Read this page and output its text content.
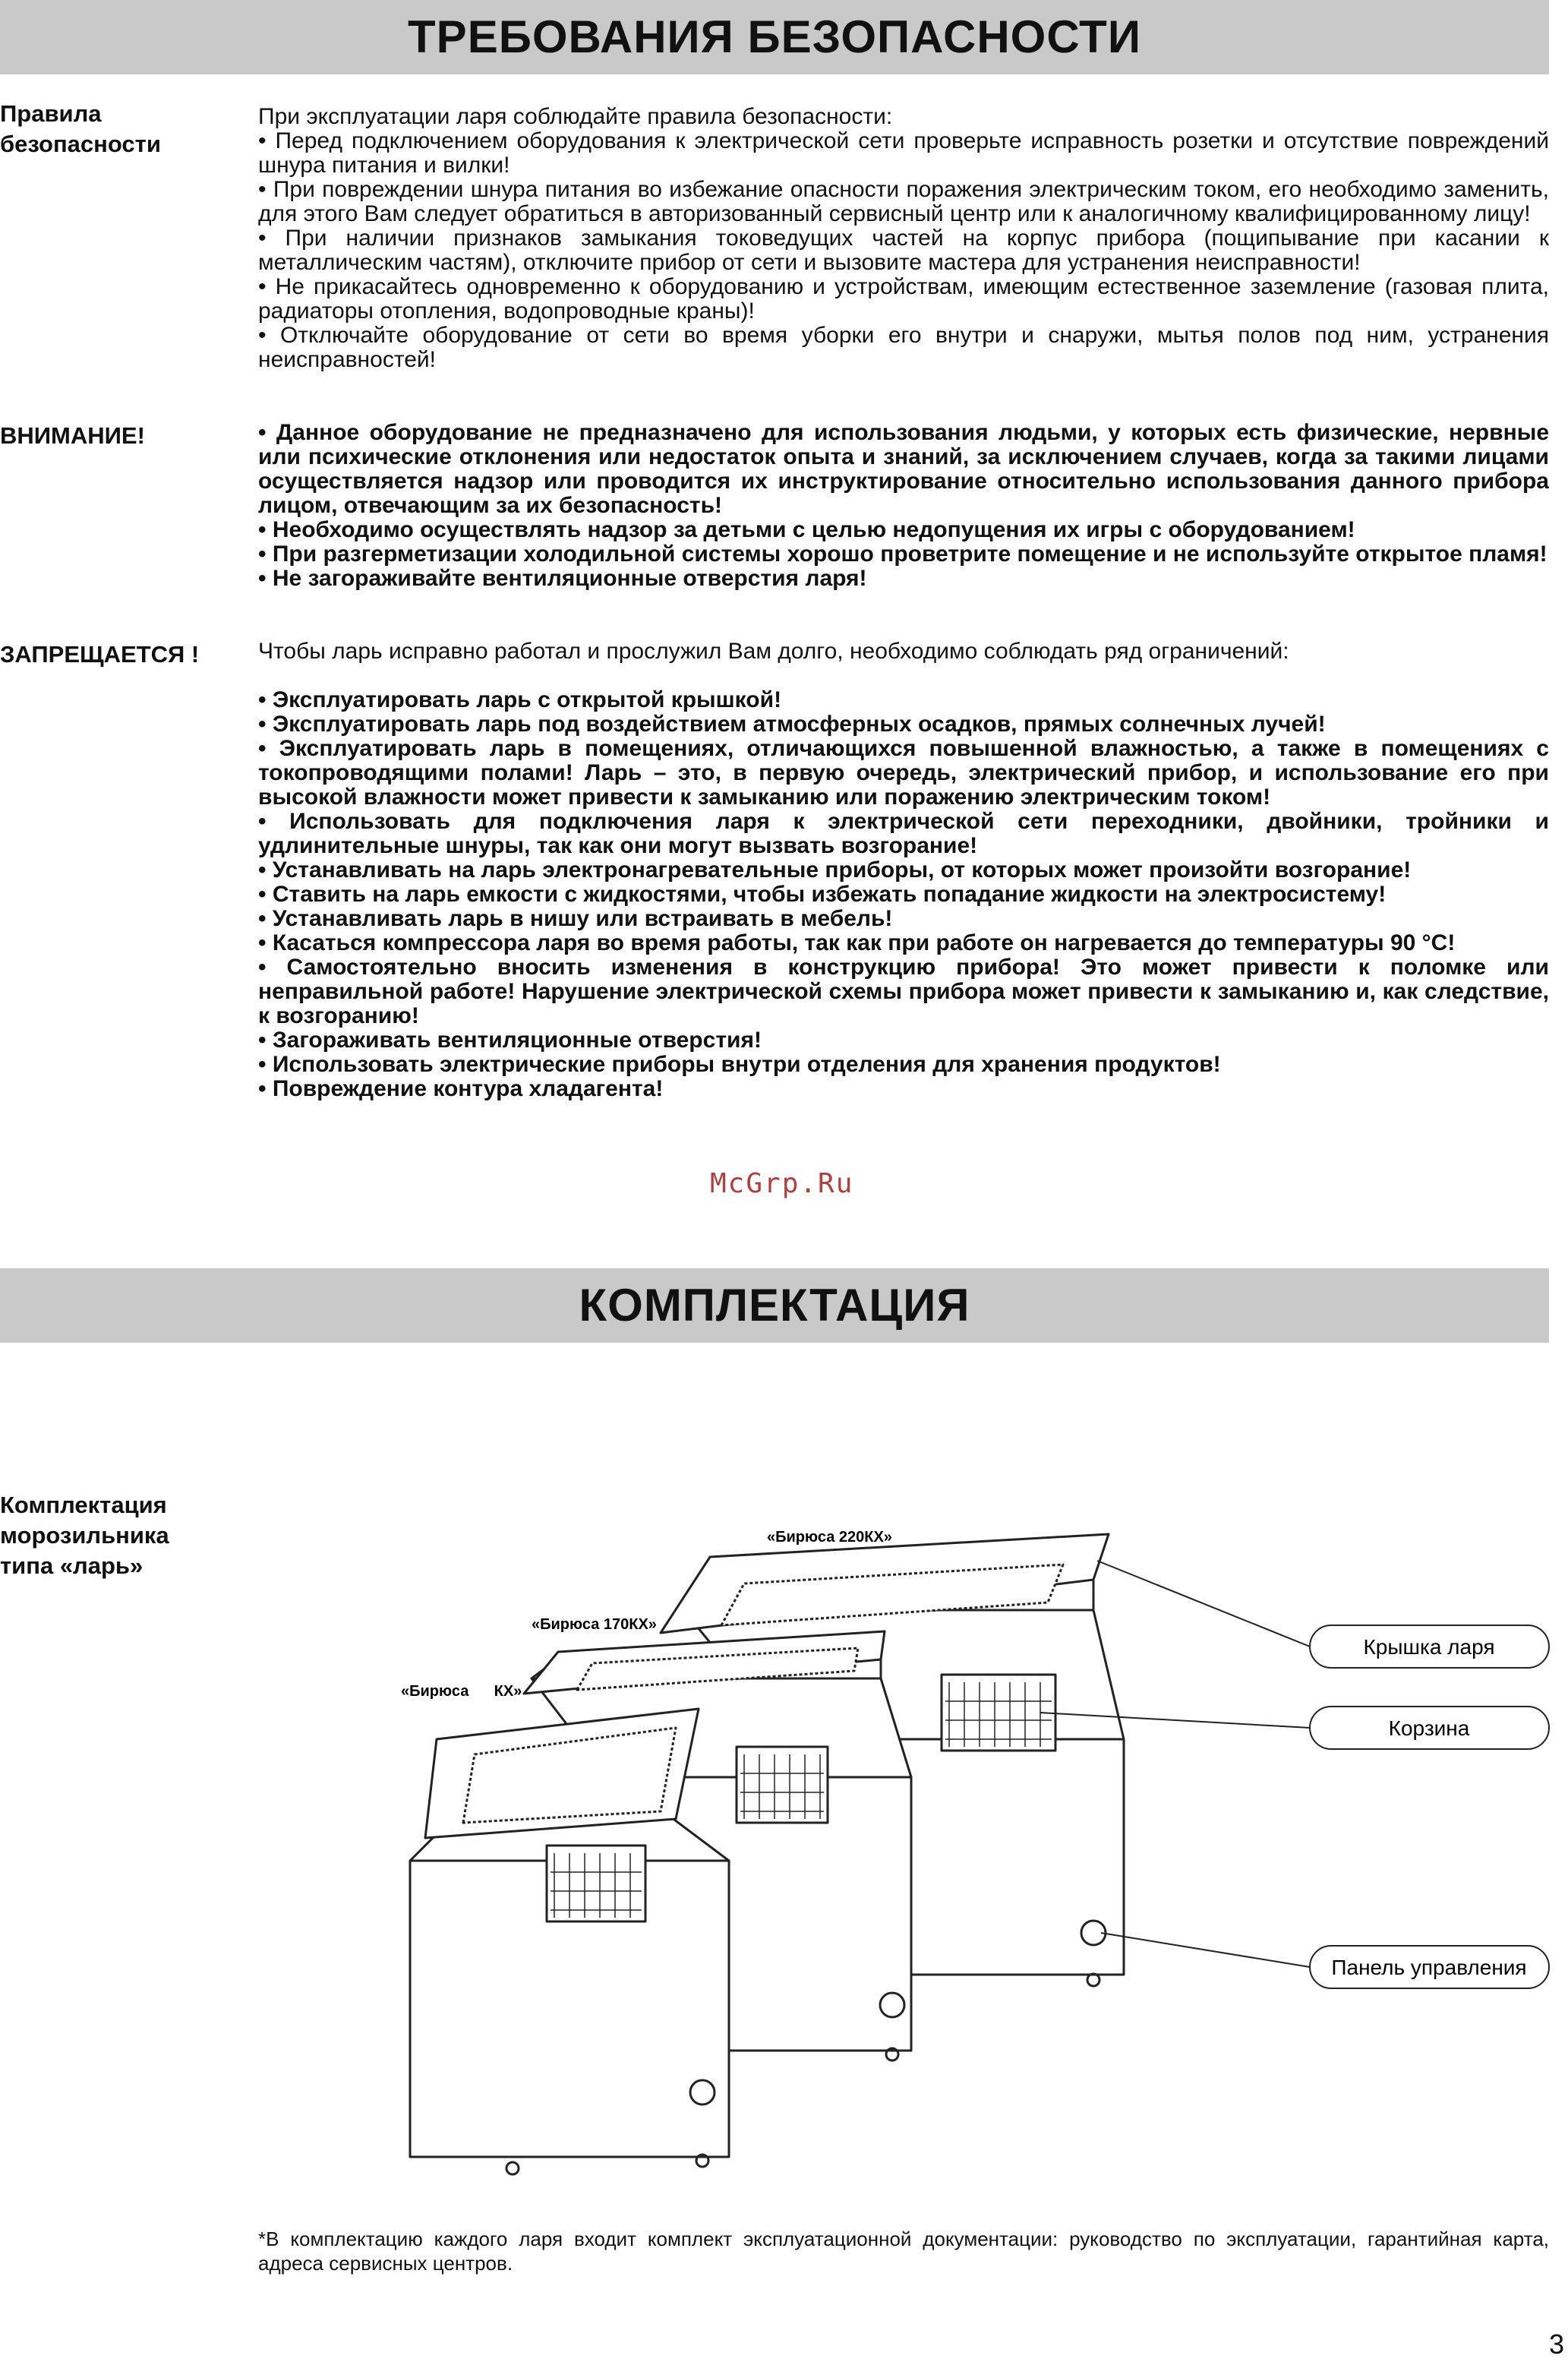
ТРЕБОВАНИЯ БЕЗОПАСНОСТИ
Правила безопасности

При эксплуатации ларя соблюдайте правила безопасности:

• Перед подключением оборудования к электрической сети проверьте исправность розетки и отсутствие повреждений шнура питания и вилки!

• При повреждении шнура питания во избежание опасности поражения электрическим током, его необходимо заменить, для этого Вам следует обратиться в авторизованный сервисный центр или к аналогичному квалифицированному лицу!

• При наличии признаков замыкания токоведущих частей на корпус прибора (пощипывание при касании к металлическим частям), отключите прибор от сети и вызовите мастера для устранения неисправности!

• Не прикасайтесь одновременно к оборудованию и устройствам, имеющим естественное заземление (газовая плита, радиаторы отопления, водопроводные краны)!

• Отключайте оборудование от сети во время уборки его внутри и снаружи, мытья полов под ним, устранения неисправностей!

ВНИМАНИЕ!	• Данное оборудование не предназначено для использования людьми, у которых есть физические, нервные или психические отклонения или недостаток опыта и знаний, за исключением случаев, когда за такими лицами осуществляется надзор или проводится их инструктирование относительно использования данного прибора лицом, отвечающим за их безопасность!

• Необходимо осуществлять надзор за детьми с целью недопущения их игры с оборудованием!

• При разгерметизации холодильной системы хорошо проветрите помещение и не используйте открытое пламя!

• Не загораживайте вентиляционные отверстия ларя!

ЗАПРЕЩАЕТСЯ !	Чтобы ларь исправно работал и прослужил Вам долго, необходимо соблюдать ряд ограничений:

• Эксплуатировать ларь с открытой крышкой!

• Эксплуатировать ларь под воздействием атмосферных осадков, прямых солнечных лучей!

• Эксплуатировать ларь в помещениях, отличающихся повышенной влажностью, а также в помещениях с токопроводящими полами! Ларь – это, в первую очередь, электрический прибор, и использование его при высокой влажности может привести к замыканию или поражению электрическим током!

• Использовать для подключения ларя к электрической сети переходники, двойники, тройники и удлинительные шнуры, так как они могут вызвать возгорание!

• Устанавливать на ларь электронагревательные приборы, от которых может произойти возгорание!

• Ставить на ларь емкости с жидкостями, чтобы избежать попадание жидкости на электросистему!

• Устанавливать ларь в нишу или встраивать в мебель!

• Касаться компрессора ларя во время работы, так как при работе он нагревается до температуры 90 °С!

• Самостоятельно вносить изменения в конструкцию прибора! Это может привести к поломке или неправильной работе! Нарушение электрической схемы прибора может привести к замыканию и, как следствие, к возгоранию!

• Загораживать вентиляционные отверстия!

• Использовать электрические приборы внутри отделения для хранения продуктов!

• Повреждение контура хладагента!

McGrp.Ru
КОМПЛЕКТАЦИЯ
Комплектация морозильника типа «ларь»
«Бирюса 220КХ»
«Бирюса 170КХ»
«Бирюса      КХ»
Крышка ларя
Корзина
Панель управления
*В комплектацию каждого ларя входит комплект эксплуатационной документации: руководство по эксплуатации, гарантийная карта, адреса сервисных центров.
3
